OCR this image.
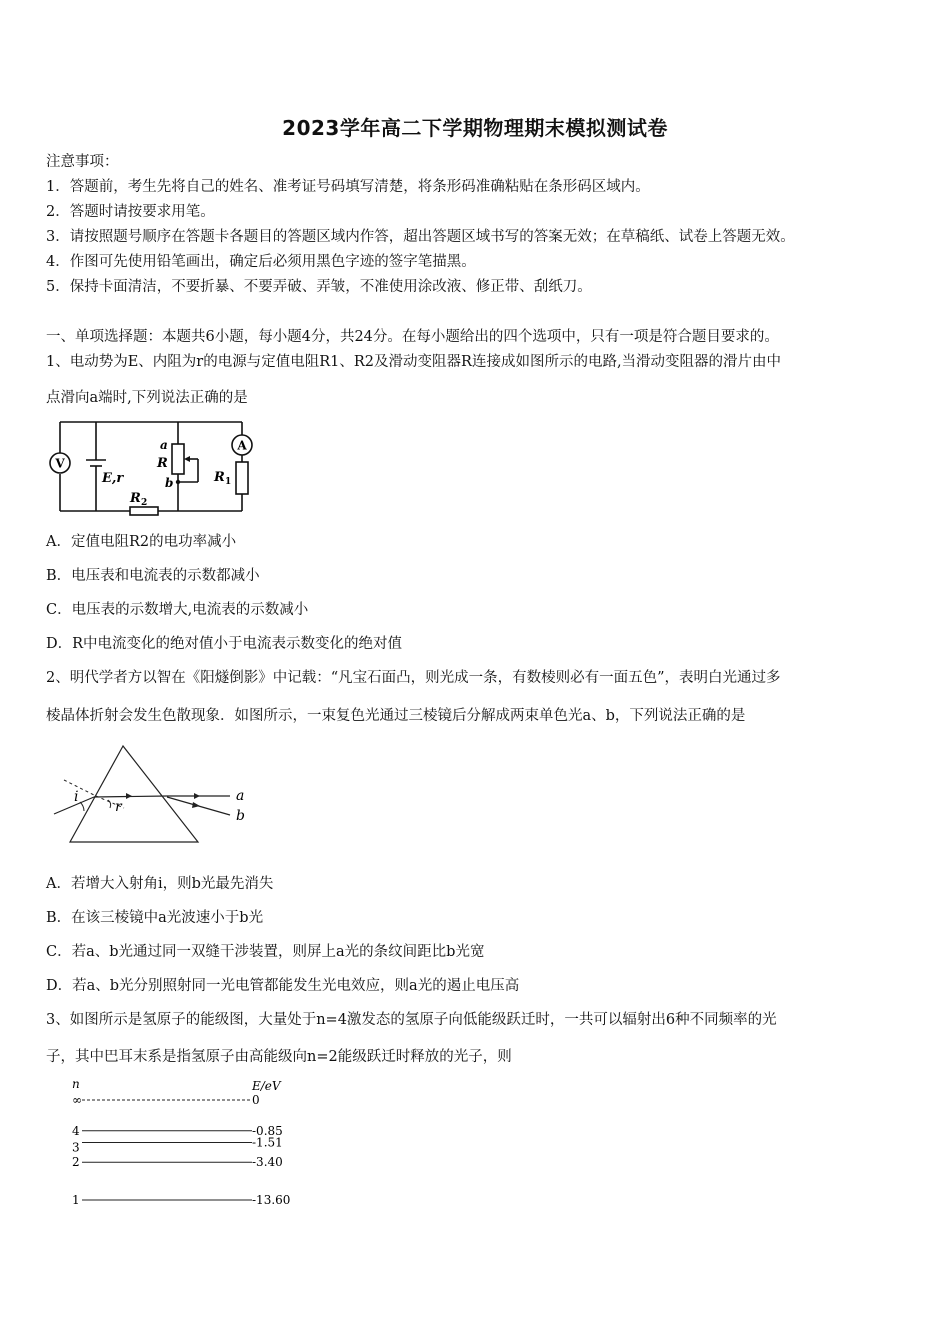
2023学年高二下学期物理期末模拟测试卷
注意事项：
1．答题前，考生先将自己的姓名、准考证号码填写清楚，将条形码准确粘贴在条形码区域内。
2．答题时请按要求用笔。
3．请按照题号顺序在答题卡各题目的答题区域内作答，超出答题区域书写的答案无效；在草稿纸、试卷上答题无效。
4．作图可先使用铅笔画出，确定后必须用黑色字迹的签字笔描黑。
5．保持卡面清洁，不要折暴、不要弄破、弄皱，不准使用涂改液、修正带、刮纸刀。
一、单项选择题：本题共6小题，每小题4分，共24分。在每小题给出的四个选项中，只有一项是符合题目要求的。
1、电动势为E、内阻为r的电源与定值电阻R1、R2及滑动变阻器R连接成如图所示的电路,当滑动变阻器的滑片由中
点滑向a端时,下列说法正确的是
V
A
E,r
R 2
R 1
R
a
b
A．定值电阻R2的电功率减小
B．电压表和电流表的示数都减小
C．电压表的示数增大,电流表的示数减小
D．R中电流变化的绝对值小于电流表示数变化的绝对值
2、明代学者方以智在《阳燧倒影》中记载：“凡宝石面凸，则光成一条，有数棱则必有一面五色”，表明白光通过多
棱晶体折射会发生色散现象．如图所示，一束复色光通过三棱镜后分解成两束单色光a、b，下列说法正确的是
i
r
a
b
A．若增大入射角i，则b光最先消失
B．在该三棱镜中a光波速小于b光
C．若a、b光通过同一双缝干涉装置，则屏上a光的条纹间距比b光宽
D．若a、b光分别照射同一光电管都能发生光电效应，则a光的遏止电压高
3、如图所示是氢原子的能级图，大量处于n=4激发态的氢原子向低能级跃迁时，一共可以辐射出6种不同频率的光
子，其中巴耳末系是指氢原子由高能级向n=2能级跃迁时释放的光子，则
n	E/eV
∞	0
4	-0.85
3	-1.51
2	-3.40
1	-13.60
